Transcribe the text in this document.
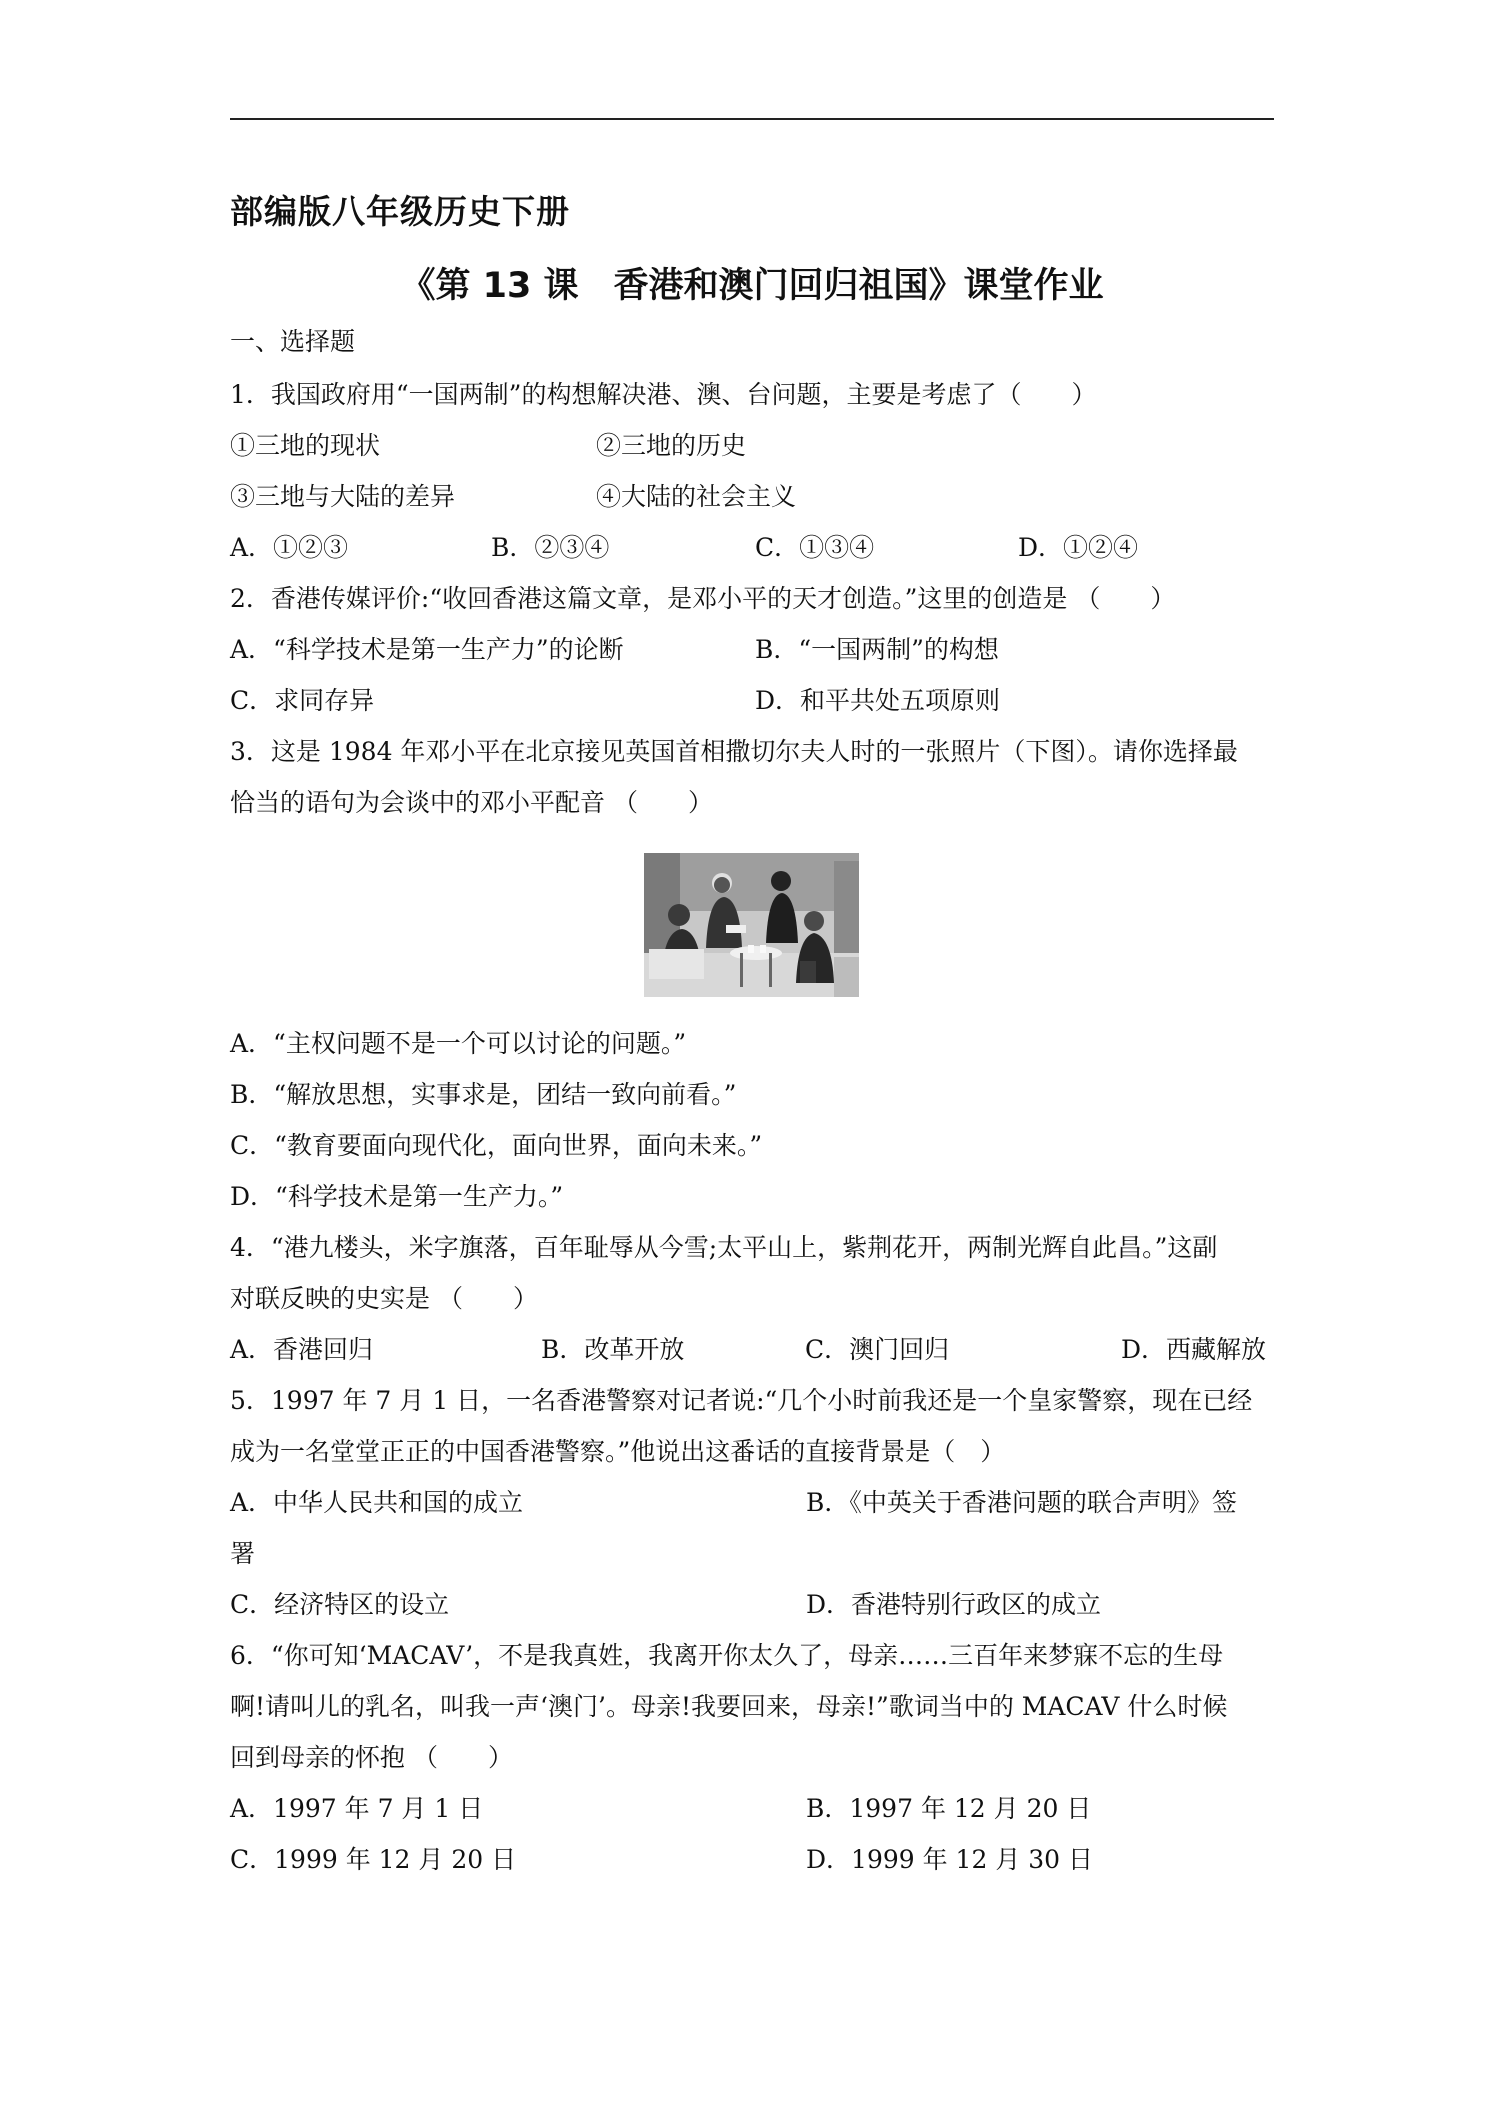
部编版八年级历史下册
《第 13 课　香港和澳门回归祖国》课堂作业
一、选择题
1．我国政府用“一国两制”的构想解决港、澳、台问题，主要是考虑了（　　）
①三地的现状	②三地的历史
③三地与大陆的差异	④大陆的社会主义
A．①②③	B．②③④	C．①③④	D．①②④
2．香港传媒评价:“收回香港这篇文章，是邓小平的天才创造。”这里的创造是 （　　）
A．“科学技术是第一生产力”的论断	B．“一国两制”的构想
C．求同存异	D．和平共处五项原则
3．这是 1984 年邓小平在北京接见英国首相撒切尔夫人时的一张照片（下图）。请你选择最
恰当的语句为会谈中的邓小平配音 （　　）
A．“主权问题不是一个可以讨论的问题。”
B．“解放思想，实事求是，团结一致向前看。”
C．“教育要面向现代化，面向世界，面向未来。”
D．“科学技术是第一生产力。”
4．“港九楼头，米字旗落，百年耻辱从今雪;太平山上，紫荆花开，两制光辉自此昌。”这副
对联反映的史实是 （　　）
A．香港回归	B．改革开放	C．澳门回归	D．西藏解放
5．1997 年 7 月 1 日，一名香港警察对记者说:“几个小时前我还是一个皇家警察，现在已经
成为一名堂堂正正的中国香港警察。”他说出这番话的直接背景是（　）
A．中华人民共和国的成立	B．《中英关于香港问题的联合声明》签
署
C．经济特区的设立	D．香港特别行政区的成立
6．“你可知‘MACAV’，不是我真姓，我离开你太久了，母亲……三百年来梦寐不忘的生母
啊!请叫儿的乳名，叫我一声‘澳门’。母亲!我要回来，母亲!”歌词当中的 MACAV 什么时候
回到母亲的怀抱 （　　）
A．1997 年 7 月 1 日	B．1997 年 12 月 20 日
C．1999 年 12 月 20 日	D．1999 年 12 月 30 日
